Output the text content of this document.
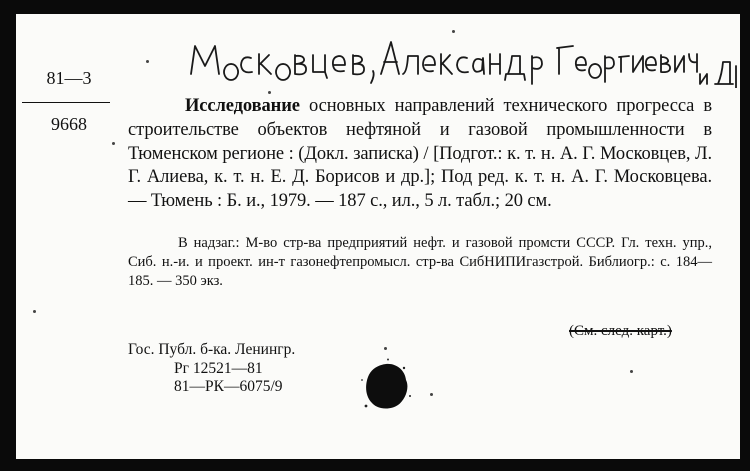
81—3
9668
Исследование основных направлений технического прогресса в строительстве объектов нефтяной и газовой промышленности в Тюменском регионе : (Докл. записка) / [Подгот.: к. т. н. А. Г. Московцев, Л. Г. Алиева, к. т. н. Е. Д. Борисов и др.]; Под ред. к. т. н. А. Г. Московцева. — Тюмень : Б. и., 1979. — 187 с., ил., 5 л. табл.; 20 см.
В надзаг.: М-во стр-ва предприятий нефт. и газовой промсти СССР. Гл. техн. упр., Сиб. н.-и. и проект. ин-т газонефтепромысл. стр-ва СибНИПИгазстрой. Библиогр.: с. 184—185. — 350 экз.
(См. след. карт.)
Гос. Публ. б-ка. Ленингр.
Рг 12521—81
81—РК—6075/9
